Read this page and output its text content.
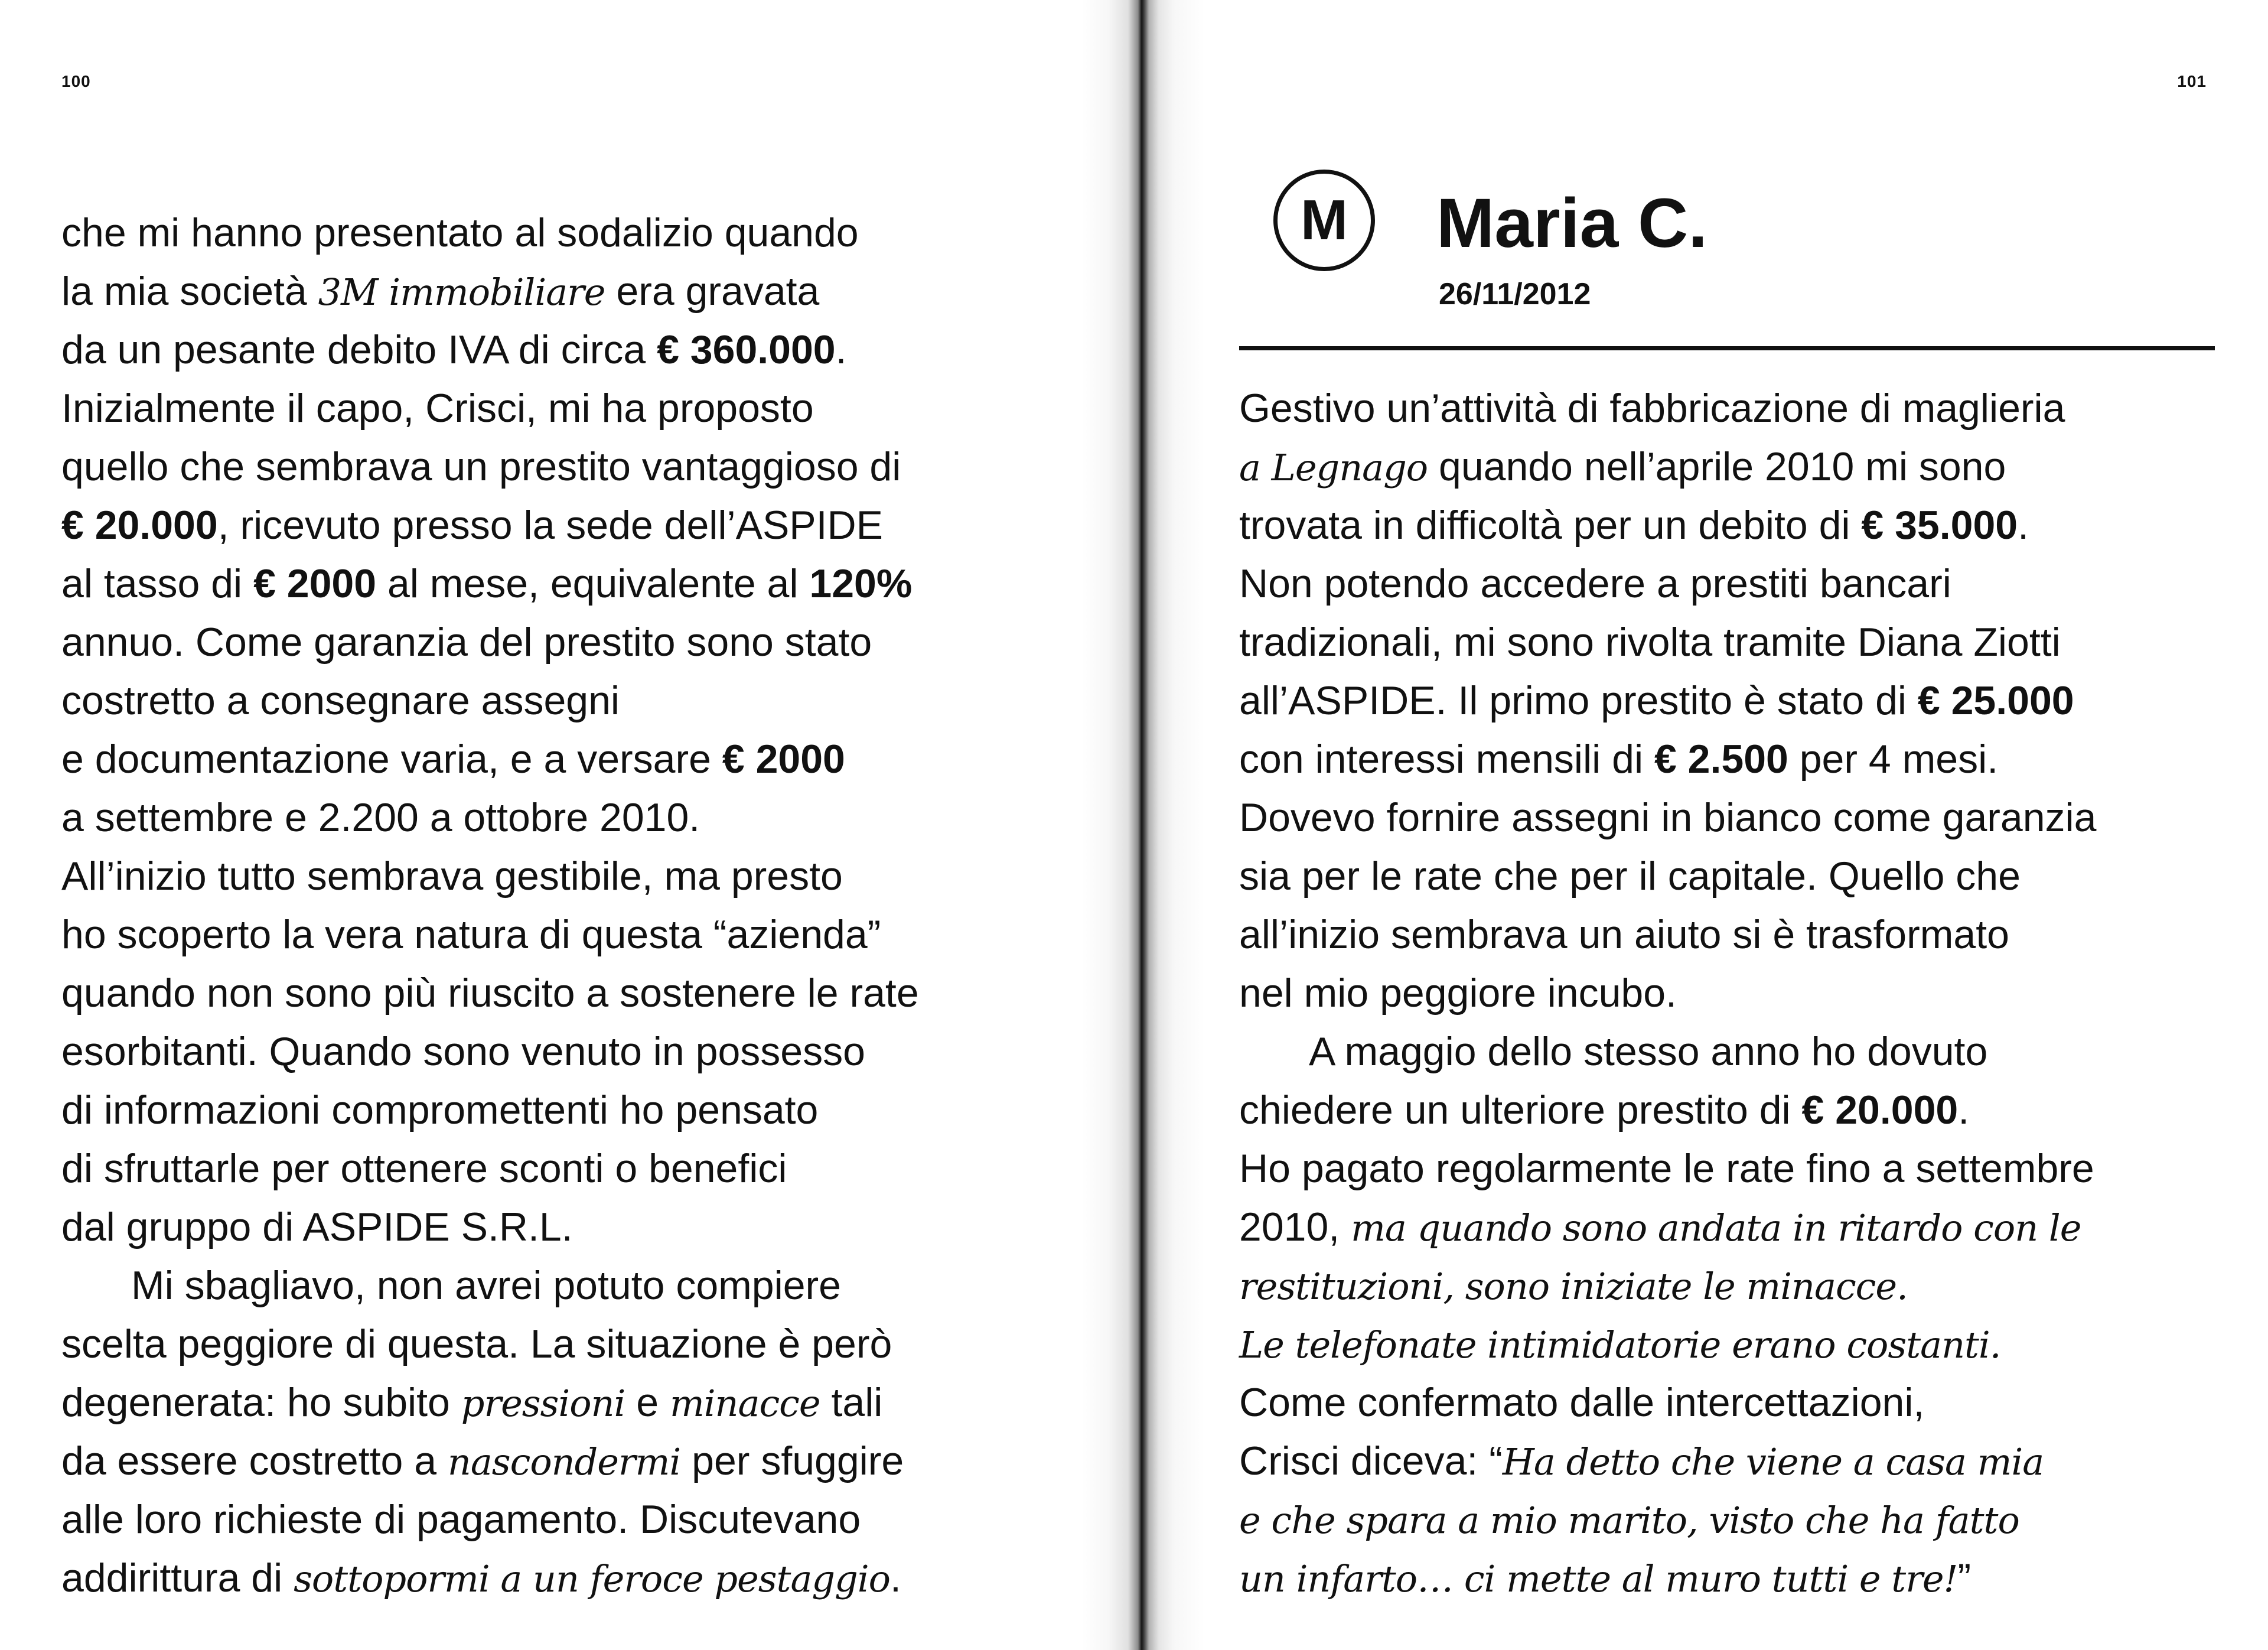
100
che mi hanno presentato al sodalizio quando
la mia società 3M immobiliare era gravata
da un pesante debito IVA di circa € 360.000.
Inizialmente il capo, Crisci, mi ha proposto
quello che sembrava un prestito vantaggioso di
€ 20.000, ricevuto presso la sede dell’ASPIDE
al tasso di € 2000 al mese, equivalente al 120%
annuo. Come garanzia del prestito sono stato
costretto a consegnare assegni
e documentazione varia, e a versare € 2000
a settembre e 2.200 a ottobre 2010.
All’inizio tutto sembrava gestibile, ma presto
ho scoperto la vera natura di questa “azienda”
quando non sono più riuscito a sostenere le rate
esorbitanti. Quando sono venuto in possesso
di informazioni compromettenti ho pensato
di sfruttarle per ottenere sconti o benefici
dal gruppo di ASPIDE S.R.L.
Mi sbagliavo, non avrei potuto compiere
scelta peggiore di questa. La situazione è però
degenerata: ho subito pressioni e minacce tali
da essere costretto a nascondermi per sfuggire
alle loro richieste di pagamento. Discutevano
addirittura di sottopormi a un feroce pestaggio.
101
M	Maria C.
26/11/2012
Gestivo un’attività di fabbricazione di maglieria
a Legnago quando nell’aprile 2010 mi sono
trovata in difficoltà per un debito di € 35.000.
Non potendo accedere a prestiti bancari
tradizionali, mi sono rivolta tramite Diana Ziotti
all’ASPIDE. Il primo prestito è stato di € 25.000
con interessi mensili di € 2.500 per 4 mesi.
Dovevo fornire assegni in bianco come garanzia
sia per le rate che per il capitale. Quello che
all’inizio sembrava un aiuto si è trasformato
nel mio peggiore incubo.
A maggio dello stesso anno ho dovuto
chiedere un ulteriore prestito di € 20.000.
Ho pagato regolarmente le rate fino a settembre
2010, ma quando sono andata in ritardo con le
restituzioni, sono iniziate le minacce.
Le telefonate intimidatorie erano costanti.
Come confermato dalle intercettazioni,
Crisci diceva: “Ha detto che viene a casa mia
e che spara a mio marito, visto che ha fatto
un infarto… ci mette al muro tutti e tre!”
